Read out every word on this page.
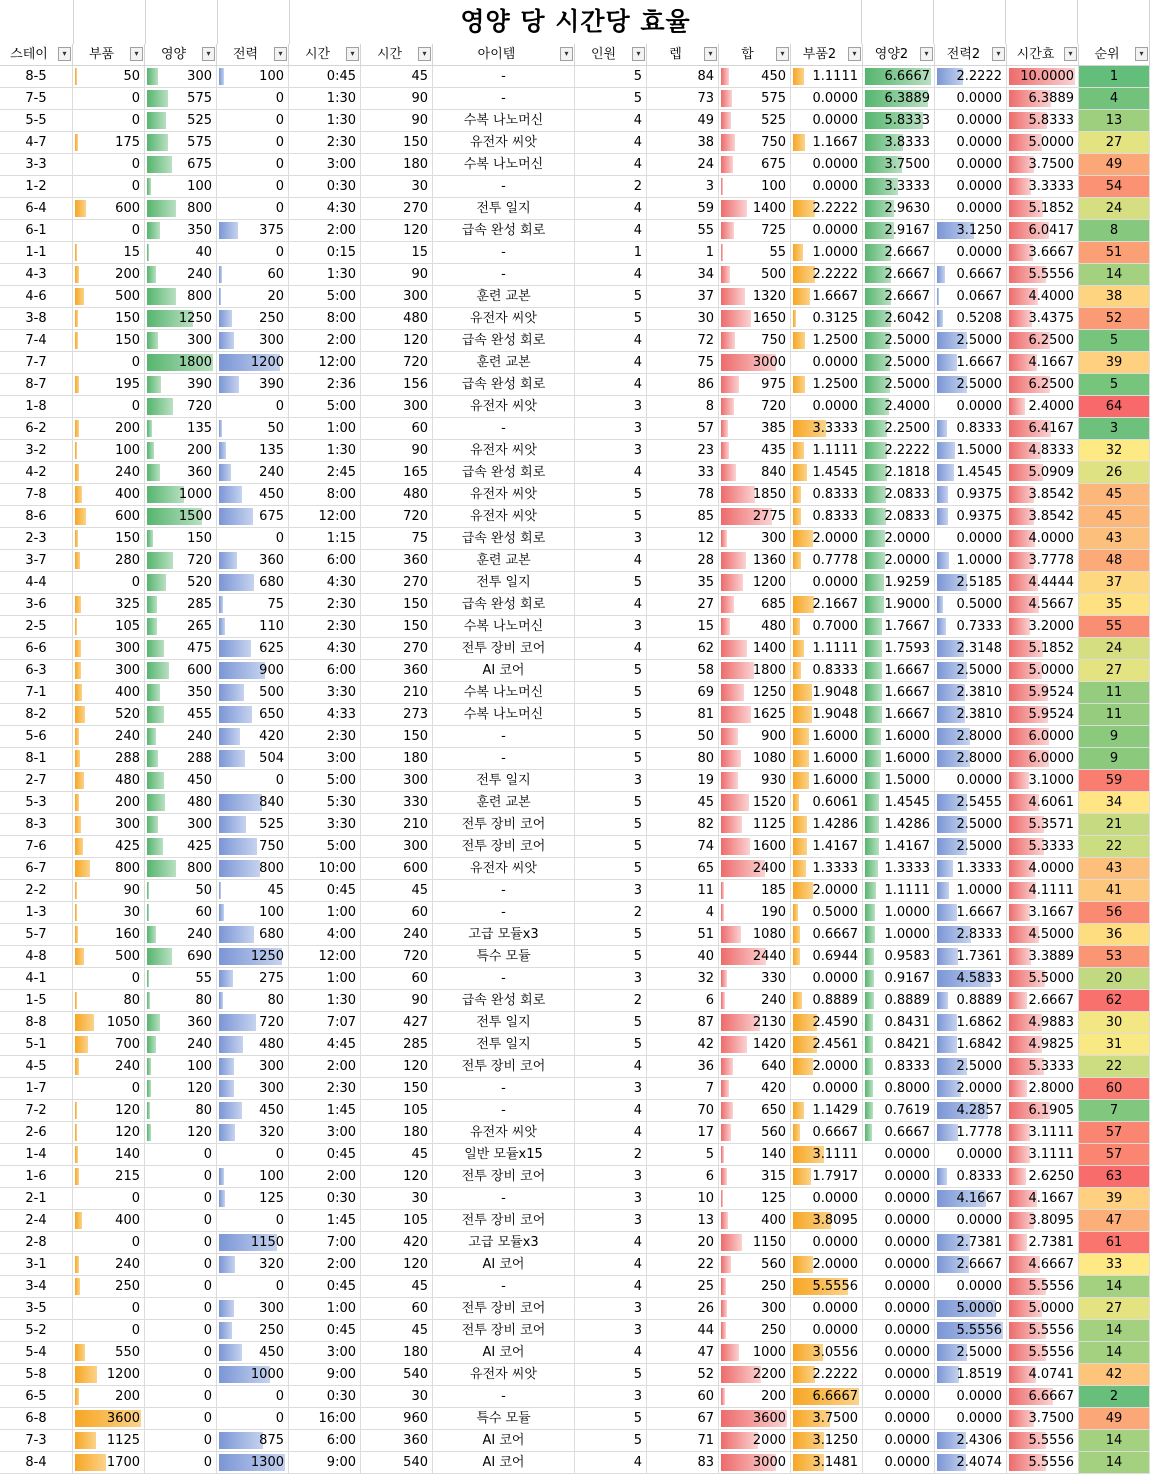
영양 당 시간당 효율
스테이	▾	부품	▾	영양	▾	전력	▾	시간	▾	시간	▾	아이템	▾	인원	▾	렙	▾	합	▾	부품2	▾	영양2	▾	전력2	▾	시간효	▾	순위	▾
8-5	50	300	100	0:45	45	-	5	84	450	1.1111	6.6667	2.2222	10.0000	1
7-5	0	575	0	1:30	90	-	5	73	575	0.0000	6.3889	0.0000	6.3889	4
5-5	0	525	0	1:30	90	수복 나노머신	4	49	525	0.0000	5.8333	0.0000	5.8333	13
4-7	175	575	0	2:30	150	유전자 씨앗	4	38	750	1.1667	3.8333	0.0000	5.0000	27
3-3	0	675	0	3:00	180	수복 나노머신	4	24	675	0.0000	3.7500	0.0000	3.7500	49
1-2	0	100	0	0:30	30	-	2	3	100	0.0000	3.3333	0.0000	3.3333	54
6-4	600	800	0	4:30	270	전투 일지	4	59	1400	2.2222	2.9630	0.0000	5.1852	24
6-1	0	350	375	2:00	120	급속 완성 회로	4	55	725	0.0000	2.9167	3.1250	6.0417	8
1-1	15	40	0	0:15	15	-	1	1	55	1.0000	2.6667	0.0000	3.6667	51
4-3	200	240	60	1:30	90	-	4	34	500	2.2222	2.6667	0.6667	5.5556	14
4-6	500	800	20	5:00	300	훈련 교본	5	37	1320	1.6667	2.6667	0.0667	4.4000	38
3-8	150	1250	250	8:00	480	유전자 씨앗	5	30	1650	0.3125	2.6042	0.5208	3.4375	52
7-4	150	300	300	2:00	120	급속 완성 회로	4	72	750	1.2500	2.5000	2.5000	6.2500	5
7-7	0	1800	1200	12:00	720	훈련 교본	4	75	3000	0.0000	2.5000	1.6667	4.1667	39
8-7	195	390	390	2:36	156	급속 완성 회로	4	86	975	1.2500	2.5000	2.5000	6.2500	5
1-8	0	720	0	5:00	300	유전자 씨앗	3	8	720	0.0000	2.4000	0.0000	2.4000	64
6-2	200	135	50	1:00	60	-	3	57	385	3.3333	2.2500	0.8333	6.4167	3
3-2	100	200	135	1:30	90	유전자 씨앗	3	23	435	1.1111	2.2222	1.5000	4.8333	32
4-2	240	360	240	2:45	165	급속 완성 회로	4	33	840	1.4545	2.1818	1.4545	5.0909	26
7-8	400	1000	450	8:00	480	유전자 씨앗	5	78	1850	0.8333	2.0833	0.9375	3.8542	45
8-6	600	1500	675	12:00	720	유전자 씨앗	5	85	2775	0.8333	2.0833	0.9375	3.8542	45
2-3	150	150	0	1:15	75	급속 완성 회로	3	12	300	2.0000	2.0000	0.0000	4.0000	43
3-7	280	720	360	6:00	360	훈련 교본	4	28	1360	0.7778	2.0000	1.0000	3.7778	48
4-4	0	520	680	4:30	270	전투 일지	5	35	1200	0.0000	1.9259	2.5185	4.4444	37
3-6	325	285	75	2:30	150	급속 완성 회로	4	27	685	2.1667	1.9000	0.5000	4.5667	35
2-5	105	265	110	2:30	150	수복 나노머신	3	15	480	0.7000	1.7667	0.7333	3.2000	55
6-6	300	475	625	4:30	270	전투 장비 코어	4	62	1400	1.1111	1.7593	2.3148	5.1852	24
6-3	300	600	900	6:00	360	AI 코어	5	58	1800	0.8333	1.6667	2.5000	5.0000	27
7-1	400	350	500	3:30	210	수복 나노머신	5	69	1250	1.9048	1.6667	2.3810	5.9524	11
8-2	520	455	650	4:33	273	수복 나노머신	5	81	1625	1.9048	1.6667	2.3810	5.9524	11
5-6	240	240	420	2:30	150	-	5	50	900	1.6000	1.6000	2.8000	6.0000	9
8-1	288	288	504	3:00	180	-	5	80	1080	1.6000	1.6000	2.8000	6.0000	9
2-7	480	450	0	5:00	300	전투 일지	3	19	930	1.6000	1.5000	0.0000	3.1000	59
5-3	200	480	840	5:30	330	훈련 교본	5	45	1520	0.6061	1.4545	2.5455	4.6061	34
8-3	300	300	525	3:30	210	전투 장비 코어	5	82	1125	1.4286	1.4286	2.5000	5.3571	21
7-6	425	425	750	5:00	300	전투 장비 코어	5	74	1600	1.4167	1.4167	2.5000	5.3333	22
6-7	800	800	800	10:00	600	유전자 씨앗	5	65	2400	1.3333	1.3333	1.3333	4.0000	43
2-2	90	50	45	0:45	45	-	3	11	185	2.0000	1.1111	1.0000	4.1111	41
1-3	30	60	100	1:00	60	-	2	4	190	0.5000	1.0000	1.6667	3.1667	56
5-7	160	240	680	4:00	240	고급 모듈x3	5	51	1080	0.6667	1.0000	2.8333	4.5000	36
4-8	500	690	1250	12:00	720	특수 모듈	5	40	2440	0.6944	0.9583	1.7361	3.3889	53
4-1	0	55	275	1:00	60	-	3	32	330	0.0000	0.9167	4.5833	5.5000	20
1-5	80	80	80	1:30	90	급속 완성 회로	2	6	240	0.8889	0.8889	0.8889	2.6667	62
8-8	1050	360	720	7:07	427	전투 일지	5	87	2130	2.4590	0.8431	1.6862	4.9883	30
5-1	700	240	480	4:45	285	전투 일지	5	42	1420	2.4561	0.8421	1.6842	4.9825	31
4-5	240	100	300	2:00	120	전투 장비 코어	4	36	640	2.0000	0.8333	2.5000	5.3333	22
1-7	0	120	300	2:30	150	-	3	7	420	0.0000	0.8000	2.0000	2.8000	60
7-2	120	80	450	1:45	105	-	4	70	650	1.1429	0.7619	4.2857	6.1905	7
2-6	120	120	320	3:00	180	유전자 씨앗	4	17	560	0.6667	0.6667	1.7778	3.1111	57
1-4	140	0	0	0:45	45	일반 모듈x15	2	5	140	3.1111	0.0000	0.0000	3.1111	57
1-6	215	0	100	2:00	120	전투 장비 코어	3	6	315	1.7917	0.0000	0.8333	2.6250	63
2-1	0	0	125	0:30	30	-	3	10	125	0.0000	0.0000	4.1667	4.1667	39
2-4	400	0	0	1:45	105	전투 장비 코어	3	13	400	3.8095	0.0000	0.0000	3.8095	47
2-8	0	0	1150	7:00	420	고급 모듈x3	4	20	1150	0.0000	0.0000	2.7381	2.7381	61
3-1	240	0	320	2:00	120	AI 코어	4	22	560	2.0000	0.0000	2.6667	4.6667	33
3-4	250	0	0	0:45	45	-	4	25	250	5.5556	0.0000	0.0000	5.5556	14
3-5	0	0	300	1:00	60	전투 장비 코어	3	26	300	0.0000	0.0000	5.0000	5.0000	27
5-2	0	0	250	0:45	45	전투 장비 코어	3	44	250	0.0000	0.0000	5.5556	5.5556	14
5-4	550	0	450	3:00	180	AI 코어	4	47	1000	3.0556	0.0000	2.5000	5.5556	14
5-8	1200	0	1000	9:00	540	유전자 씨앗	5	52	2200	2.2222	0.0000	1.8519	4.0741	42
6-5	200	0	0	0:30	30	-	3	60	200	6.6667	0.0000	0.0000	6.6667	2
6-8	3600	0	0	16:00	960	특수 모듈	5	67	3600	3.7500	0.0000	0.0000	3.7500	49
7-3	1125	0	875	6:00	360	AI 코어	5	71	2000	3.1250	0.0000	2.4306	5.5556	14
8-4	1700	0	1300	9:00	540	AI 코어	4	83	3000	3.1481	0.0000	2.4074	5.5556	14
